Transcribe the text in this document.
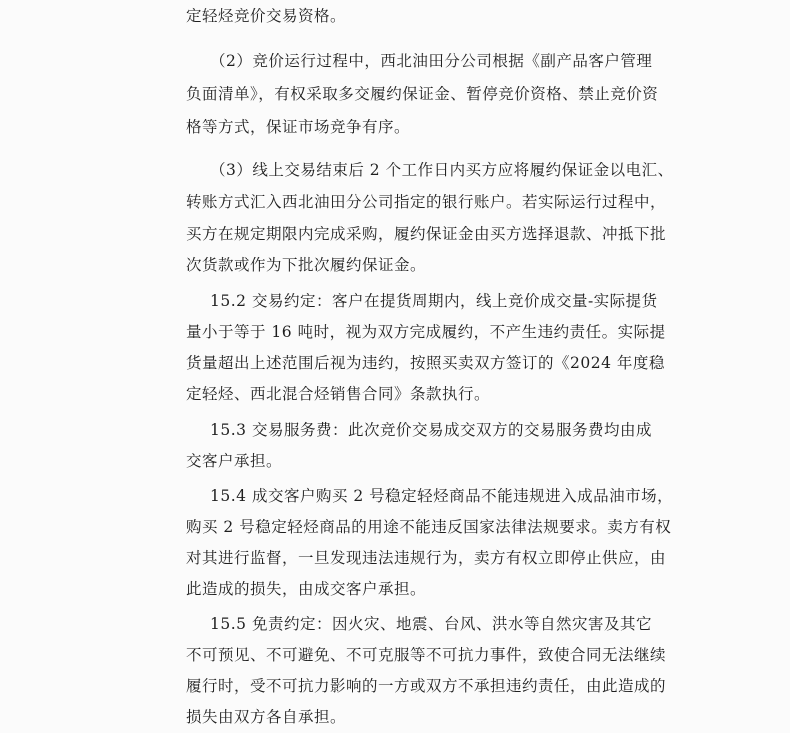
定轻烃竞价交易资格。
（2）竞价运行过程中，西北油田分公司根据《副产品客户管理
负面清单》，有权采取多交履约保证金、暂停竞价资格、禁止竞价资
格等方式，保证市场竞争有序。
（3）线上交易结束后 2 个工作日内买方应将履约保证金以电汇、
转账方式汇入西北油田分公司指定的银行账户。若实际运行过程中，
买方在规定期限内完成采购，履约保证金由买方选择退款、冲抵下批
次货款或作为下批次履约保证金。
15.2 交易约定：客户在提货周期内，线上竞价成交量-实际提货
量小于等于 16 吨时，视为双方完成履约，不产生违约责任。实际提
货量超出上述范围后视为违约，按照买卖双方签订的《2024 年度稳
定轻烃、西北混合烃销售合同》条款执行。
15.3 交易服务费：此次竞价交易成交双方的交易服务费均由成
交客户承担。
15.4 成交客户购买 2 号稳定轻烃商品不能违规进入成品油市场，
购买 2 号稳定轻烃商品的用途不能违反国家法律法规要求。卖方有权
对其进行监督，一旦发现违法违规行为，卖方有权立即停止供应，由
此造成的损失，由成交客户承担。
15.5 免责约定：因火灾、地震、台风、洪水等自然灾害及其它
不可预见、不可避免、不可克服等不可抗力事件，致使合同无法继续
履行时，受不可抗力影响的一方或双方不承担违约责任，由此造成的
损失由双方各自承担。
